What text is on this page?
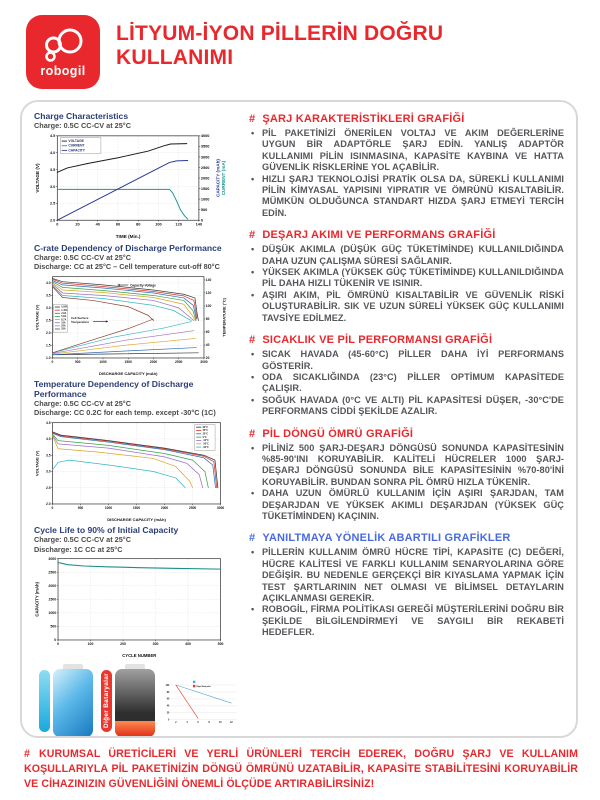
robogil
LİTYUM-İYON PİLLERİN DOĞRU KULLANIMI
Charge Characteristics
Charge: 0.5C CC-CV at 25°C
0	20	40	60	80	100	120	140
2.0
2.5
3.0
3.5
4.0
4.5
0
500
1000
1500
2000
2500
3000
3500
4000
TIME (Min.)
VOLTAGE (V)	CAPACITY (mAh) CURRENT (mA)
VOLTAGE
CURRENT
CAPACITY
C-rate Dependency of Discharge Performance
Charge: 0.5C CC-CV at 25°C
Discharge: CC at 25°C – Cell temperature cut-off 80°C
0	500	1000	1500	2000	2500	3000
1.0
1.5
2.0
2.5
3.0
3.5
4.0
20
40
60
80
100
120
140
DISCHARGE CAPACITY (mAh)
VOLTAGE (V)	TEMPERATURE (°C)
0,58A
1,45A
2,9A
5,8A
8,7A
15A
20A
25A
Capacity-Voltage
Cell Surface
Temperature
Temperature Dependency of Discharge Performance
Charge: 0.5C CC-CV at 25°C
Discharge: CC 0.2C for each temp. except -30°C (1C)
0	500	1000	1500	2000	2500	3000
2.0
2.5
3.0
3.5
4.0
4.5
DISCHARGE CAPACITY (mAh)
VOLTAGE (V)
60°C
45°C
25°C
0°C
-10°C
-20°C
-30°C
Cycle Life to 90% of Initial Capacity
Charge: 0.5C CC-CV at 25°C
Discharge: 1C CC at 25°C
0	100	200	300	400	500
0
500
1000
1500
2000
2500
3000
CYCLE NUMBER
CAPACITY (mAh)
Diğer Bataryalar	2 4 6 8 10 12
0
20
40
60
80
100	Diğer Bataryalar
# ŞARJ KARAKTERİSTİKLERİ GRAFİĞİ
• PİL PAKETİNİZİ ÖNERİLEN VOLTAJ VE AKIM DEĞERLERİNE UYGUN BİR ADAPTÖRLE ŞARJ EDİN. YANLIŞ ADAPTÖR KULLANIMI PİLİN ISINMASINA, KAPASİTE KAYBINA VE HATTA GÜVENLİK RİSKLERİNE YOL AÇABİLİR.
• HIZLI ŞARJ TEKNOLOJİSİ PRATİK OLSA DA, SÜREKLİ KULLANIMI PİLİN KİMYASAL YAPISINI YIPRATIR VE ÖMRÜNÜ KISALTABİLİR. MÜMKÜN OLDUĞUNCA STANDART HIZDA ŞARJ ETMEYİ TERCİH EDİN.
# DEŞARJ AKIMI VE PERFORMANS GRAFİĞİ
• DÜŞÜK AKIMLA (DÜŞÜK GÜÇ TÜKETİMİNDE) KULLANILDIĞINDA DAHA UZUN ÇALIŞMA SÜRESİ SAĞLANIR.
• YÜKSEK AKIMLA (YÜKSEK GÜÇ TÜKETİMİNDE) KULLANILDIĞINDA PİL DAHA HIZLI TÜKENİR VE ISINIR.
• AŞIRI AKIM, PİL ÖMRÜNÜ KISALTABİLİR VE GÜVENLİK RİSKİ OLUŞTURABİLİR. SIK VE UZUN SÜRELİ YÜKSEK GÜÇ KULLANIMI TAVSİYE EDİLMEZ.
# SICAKLIK VE PİL PERFORMANSI GRAFİĞİ
• SICAK HAVADA (45-60°C) PİLLER DAHA İYİ PERFORMANS GÖSTERİR.
• ODA SICAKLIĞINDA (23°C) PİLLER OPTİMUM KAPASİTEDE ÇALIŞIR.
• SOĞUK HAVADA (0°C VE ALTI) PİL KAPASİTESİ DÜŞER, -30°C'DE PERFORMANS CİDDİ ŞEKİLDE AZALIR.
# PİL DÖNGÜ ÖMRÜ GRAFİĞİ
• PİLİNİZ 500 ŞARJ-DEŞARJ DÖNGÜSÜ SONUNDA KAPASİTESİNİN %85-90'INI KORUYABİLİR. KALİTELİ HÜCRELER 1000 ŞARJ-DEŞARJ DÖNGÜSÜ SONUNDA BİLE KAPASİTESİNİN %70-80'İNİ KORUYABİLİR. BUNDAN SONRA PİL ÖMRÜ HIZLA TÜKENİR.
• DAHA UZUN ÖMÜRLÜ KULLANIM İÇİN AŞIRI ŞARJDAN, TAM DEŞARJDAN VE YÜKSEK AKIMLI DEŞARJDAN (YÜKSEK GÜÇ TÜKETİMİNDEN) KAÇININ.
# YANILTMAYA YÖNELİK ABARTILI GRAFİKLER
• PİLLERİN KULLANIM ÖMRÜ HÜCRE TİPİ, KAPASİTE (C) DEĞERİ, HÜCRE KALİTESİ VE FARKLI KULLANIM SENARYOLARINA GÖRE DEĞİŞİR. BU NEDENLE GERÇEKÇİ BİR KIYASLAMA YAPMAK İÇİN TEST ŞARTLARININ NET OLMASI VE BİLİMSEL DETAYLARIN AÇIKLANMASI GEREKİR.
• ROBOGİL, FİRMA POLİTİKASI GEREĞİ MÜŞTERİLERİNİ DOĞRU BİR ŞEKİLDE BİLGİLENDİRMEYİ VE SAYGILI BİR REKABETİ HEDEFLER.
# KURUMSAL ÜRETİCİLERİ VE YERLİ ÜRÜNLERİ TERCİH EDEREK, DOĞRU ŞARJ VE KULLANIM KOŞULLARIYLA PİL PAKETİNİZİN DÖNGÜ ÖMRÜNÜ UZATABİLİR, KAPASİTE STABİLİTESİNİ KORUYABİLİR VE CİHAZINIZIN GÜVENLİĞİNİ ÖNEMLİ ÖLÇÜDE ARTIRABİLİRSİNİZ!
